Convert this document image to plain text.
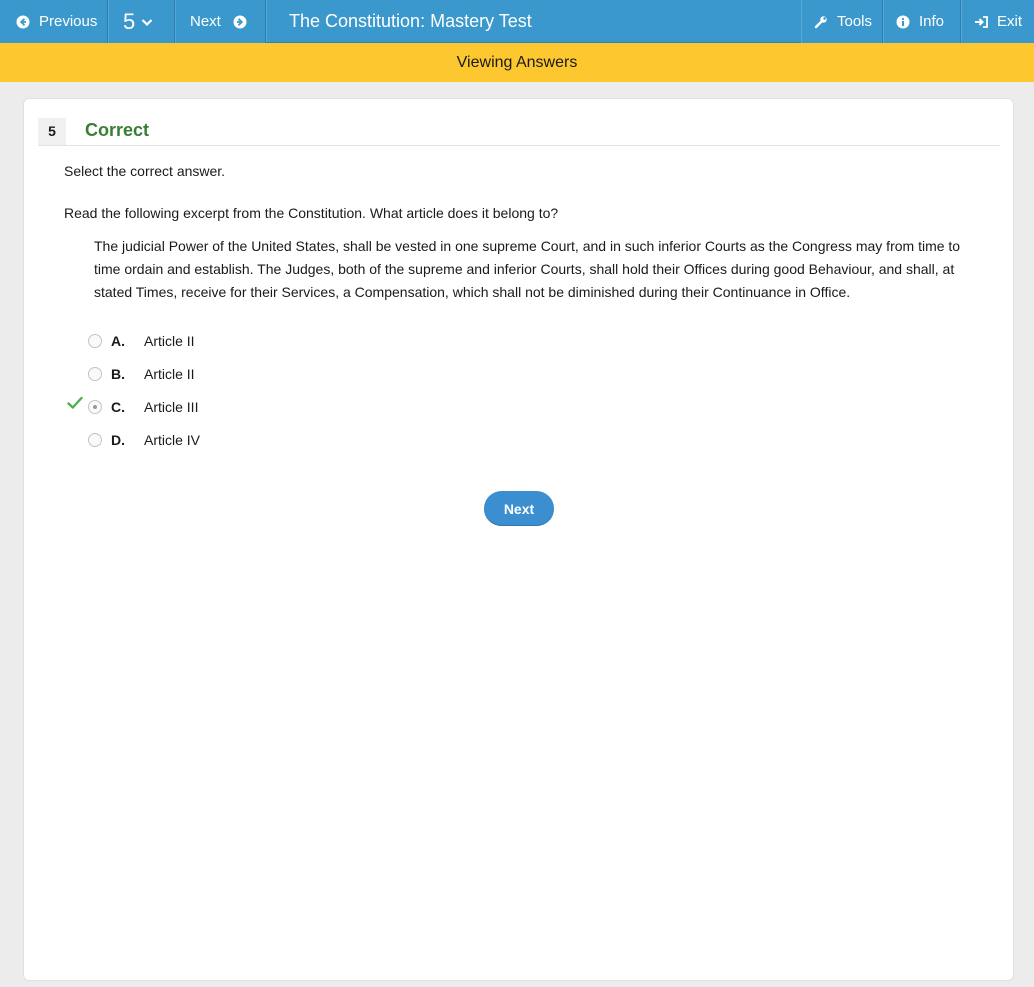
Previous 5	Next	The Constitution: Mastery Test	Tools	Info	Exit
Viewing Answers
5	Correct
Select the correct answer.
Read the following excerpt from the Constitution. What article does it belong to?
The judicial Power of the United States, shall be vested in one supreme Court, and in such inferior Courts as the Congress may from time to time ordain and establish. The Judges, both of the supreme and inferior Courts, shall hold their Offices during good Behaviour, and shall, at stated Times, receive for their Services, a Compensation, which shall not be diminished during their Continuance in Office.
A.	Article II
B.	Article II
C.	Article III
D.	Article IV
Next
